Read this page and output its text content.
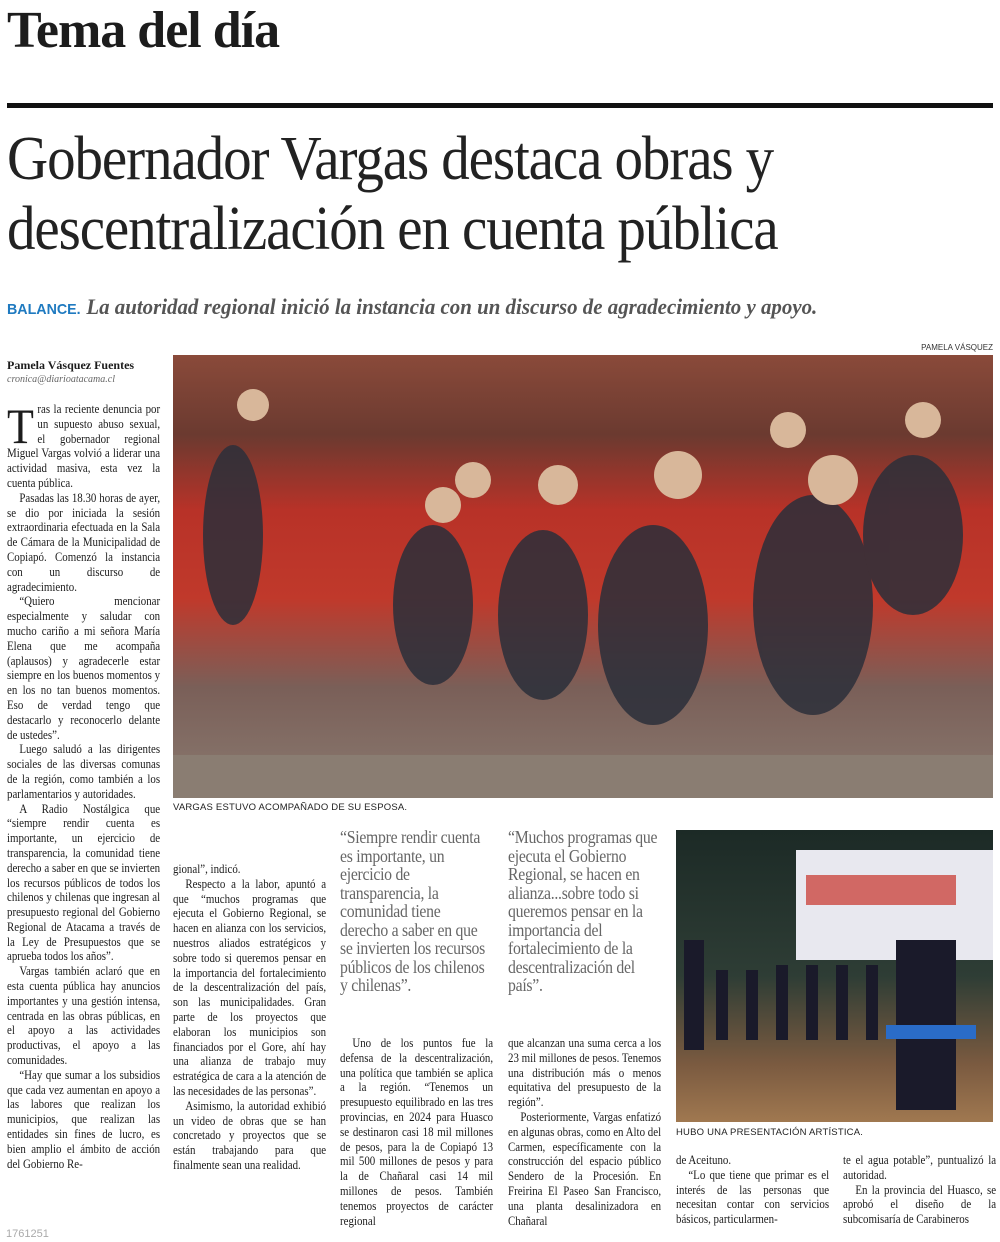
Tema del día
Gobernador Vargas destaca obras y descentralización en cuenta pública
BALANCE. La autoridad regional inició la instancia con un discurso de agradecimiento y apoyo.
PAMELA VÁSQUEZ
Pamela Vásquez Fuentes
cronica@diarioatacama.cl

Tras la reciente denuncia por un supuesto abuso sexual, el gobernador regional Miguel Vargas volvió a liderar una actividad masiva, esta vez la cuenta pública.

Pasadas las 18.30 horas de ayer, se dio por iniciada la sesión extraordinaria efectuada en la Sala de Cámara de la Municipalidad de Copiapó. Comenzó la instancia con un discurso de agradecimiento.

“Quiero mencionar especialmente y saludar con mucho cariño a mi señora María Elena que me acompaña (aplausos) y agradecerle estar siempre en los buenos momentos y en los no tan buenos momentos. Eso de verdad tengo que destacarlo y reconocerlo delante de ustedes”.

Luego saludó a las dirigentes sociales de las diversas comunas de la región, como también a los parlamentarios y autoridades.

A Radio Nostálgica que “siempre rendir cuenta es importante, un ejercicio de transparencia, la comunidad tiene derecho a saber en que se invierten los recursos públicos de todos los chilenos y chilenas que ingresan al presupuesto regional del Gobierno Regional de Atacama a través de la Ley de Presupuestos que se aprueba todos los años”.

Vargas también aclaró que en esta cuenta pública hay anuncios importantes y una gestión intensa, centrada en las obras públicas, en el apoyo a las actividades productivas, el apoyo a las comunidades.

“Hay que sumar a los subsidios que cada vez aumentan en apoyo a las labores que realizan los municipios, que realizan las entidades sin fines de lucro, es bien amplio el ámbito de acción del Gobierno Re-

VARGAS ESTUVO ACOMPAÑADO DE SU ESPOSA.

gional”, indicó.

Respecto a la labor, apuntó a que “muchos programas que ejecuta el Gobierno Regional, se hacen en alianza con los servicios, nuestros aliados estratégicos y sobre todo si queremos pensar en la importancia del fortalecimiento de la descentralización del país, son las municipalidades. Gran parte de los proyectos que elaboran los municipios son financiados por el Gore, ahí hay una alianza de trabajo muy estratégica de cara a la atención de las necesidades de las personas”.

Asimismo, la autoridad exhibió un video de obras que se han concretado y proyectos que se están trabajando para que finalmente sean una realidad.

“Siempre rendir cuenta es importante, un ejercicio de transparencia, la comunidad tiene derecho a saber en que se invierten los recursos públicos de los chilenos y chilenas”.
“Muchos programas que ejecuta el Gobierno Regional, se hacen en alianza...sobre todo si queremos pensar en la importancia del fortalecimiento de la descentralización del país”.

Uno de los puntos fue la defensa de la descentralización, una política que también se aplica a la región. “Tenemos un presupuesto equilibrado en las tres provincias, en 2024 para Huasco se destinaron casi 18 mil millones de pesos, para la de Copiapó 13 mil 500 millones de pesos y para la de Chañaral casi 14 mil millones de pesos. También tenemos proyectos de carácter regional

que alcanzan una suma cerca a los 23 mil millones de pesos. Tenemos una distribución más o menos equitativa del presupuesto de la región”.

Posteriormente, Vargas enfatizó en algunas obras, como en Alto del Carmen, específicamente con la construcción del espacio público Sendero de la Procesión. En Freirina El Paseo San Francisco, una planta desalinizadora en Chañaral

HUBO UNA PRESENTACIÓN ARTÍSTICA.

de Aceituno.

“Lo que tiene que primar es el interés de las personas que necesitan contar con servicios básicos, particularmen-

te el agua potable”, puntualizó la autoridad.

En la provincia del Huasco, se aprobó el diseño de la subcomisaría de Carabineros

1761251
